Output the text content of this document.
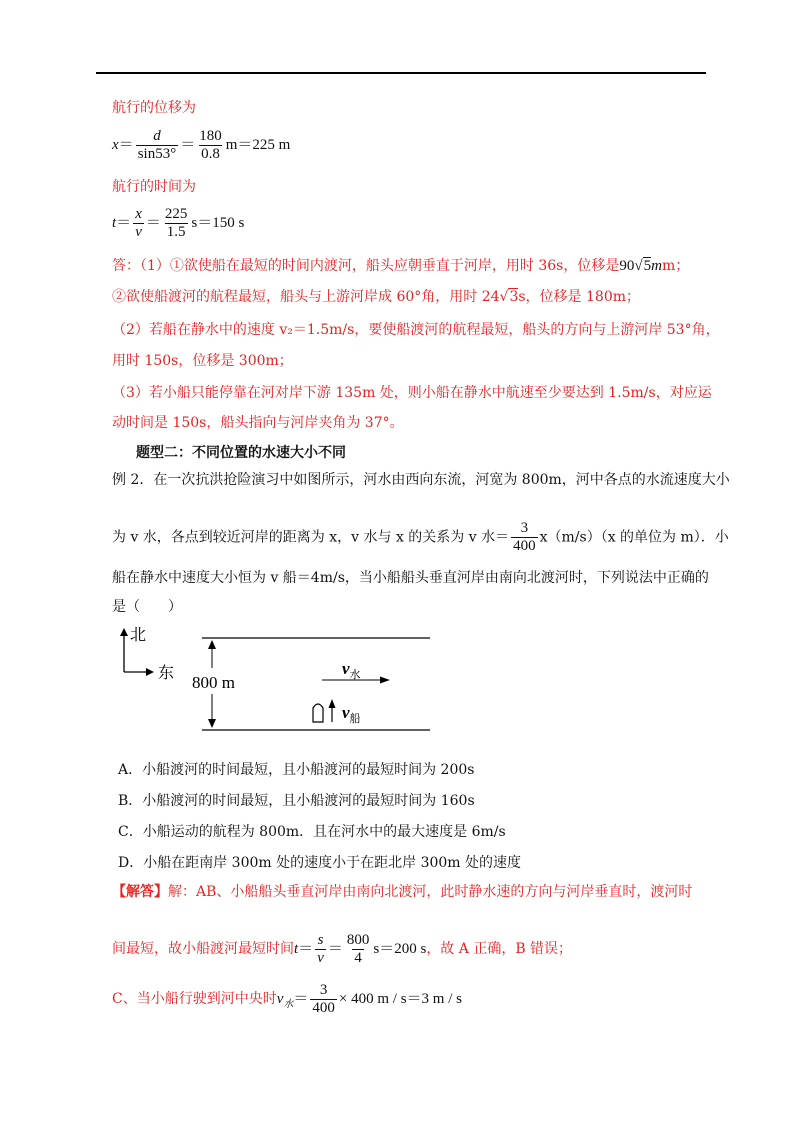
航行的位移为
$x= \frac{d}{\sin 53^\circ} = \frac{180}{0.8} m=225$ m
航行的时间为
$t= \frac{x}{v} = \frac{225}{1.5} s=150$ s
答：（1）①欲使船在最短的时间内渡河，船头应朝垂直于河岸，用时 36s，位移是90√5mm；
②欲使船渡河的航程最短，船头与上游河岸成 60°角，用时 24√3s，位移是 180m；
（2）若船在静水中的速度 v₂＝1.5m/s，要使船渡河的航程最短，船头的方向与上游河岸 53°角，
用时 150s，位移是 300m；
（3）若小船只能停靠在河对岸下游 135m 处，则小船在静水中航速至少要达到 1.5m/s，对应运
动时间是 150s，船头指向与河岸夹角为 37°。
题型二：不同位置的水速大小不同
例 2．在一次抗洪抢险演习中如图所示，河水由西向东流，河宽为 800m，河中各点的水流速度大小
为 v 水，各点到较近河岸的距离为 x，v 水与 x 的关系为 v 水＝ $\frac{3}{400} x(m/s)(x$ 的单位为 m）．小
船在静水中速度大小恒为 v 船＝4m/s，当小船船头垂直河岸由南向北渡河时，下列说法中正确的
是（　　）
北
东 800 m
$v_水$
$v_船$
A．小船渡河的时间最短，且小船渡河的最短时间为 200s
B．小船渡河的时间最短，且小船渡河的最短时间为 160s
C．小船运动的航程为 800m．且在河水中的最大速度是 6m/s
D．小船在距南岸 300m 处的速度小于在距北岸 300m 处的速度
【解答】解：AB、小船船头垂直河岸由南向北渡河，此时静水速的方向与河岸垂直时，渡河时
间最短，故小船渡河最短时间$t= \frac{s}{v} = \frac{800}{4} s=200$ s，故 A 正确，B 错误；
C、当小船行驶到河中央时$v_水= \frac{3}{400} \times 400$ m / s＝3 m / s
